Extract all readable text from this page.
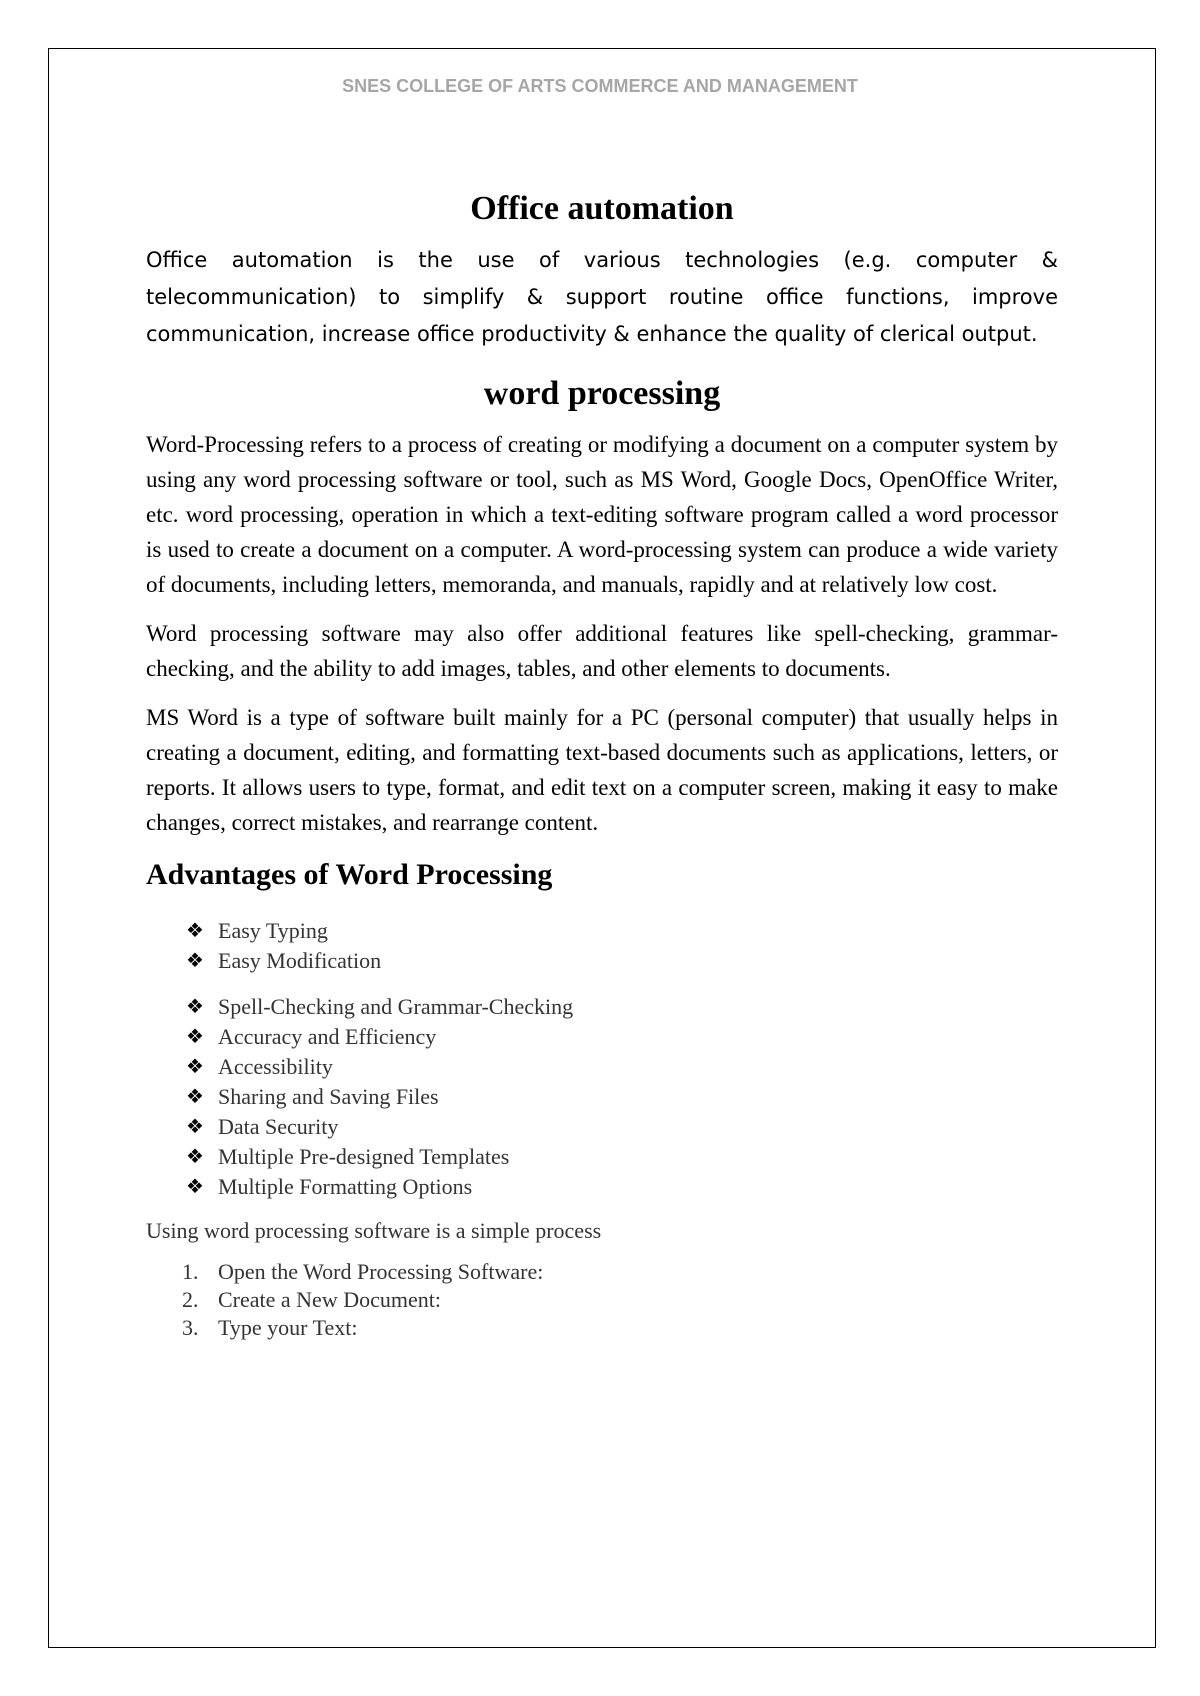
SNES COLLEGE OF ARTS COMMERCE AND MANAGEMENT
Office automation

Office automation is the use of various technologies (e.g. computer & telecommunication) to simplify & support routine office functions, improve communication, increase office productivity & enhance the quality of clerical output.

word processing

Word-Processing refers to a process of creating or modifying a document on a computer system by using any word processing software or tool, such as MS Word, Google Docs, OpenOffice Writer, etc. word processing, operation in which a text-editing software program called a word processor is used to create a document on a computer. A word-processing system can produce a wide variety of documents, including letters, memoranda, and manuals, rapidly and at relatively low cost.

Word processing software may also offer additional features like spell-checking, grammar-checking, and the ability to add images, tables, and other elements to documents.

MS Word is a type of software built mainly for a PC (personal computer) that usually helps in creating a document, editing, and formatting text-based documents such as applications, letters, or reports. It allows users to type, format, and edit text on a computer screen, making it easy to make changes, correct mistakes, and rearrange content.

Advantages of Word Processing
❖ Easy Typing
❖ Easy Modification
❖ Spell-Checking and Grammar-Checking
❖ Accuracy and Efficiency
❖ Accessibility
❖ Sharing and Saving Files
❖ Data Security
❖ Multiple Pre-designed Templates
❖ Multiple Formatting Options

Using word processing software is a simple process

1. Open the Word Processing Software:
2. Create a New Document:
3. Type your Text:
